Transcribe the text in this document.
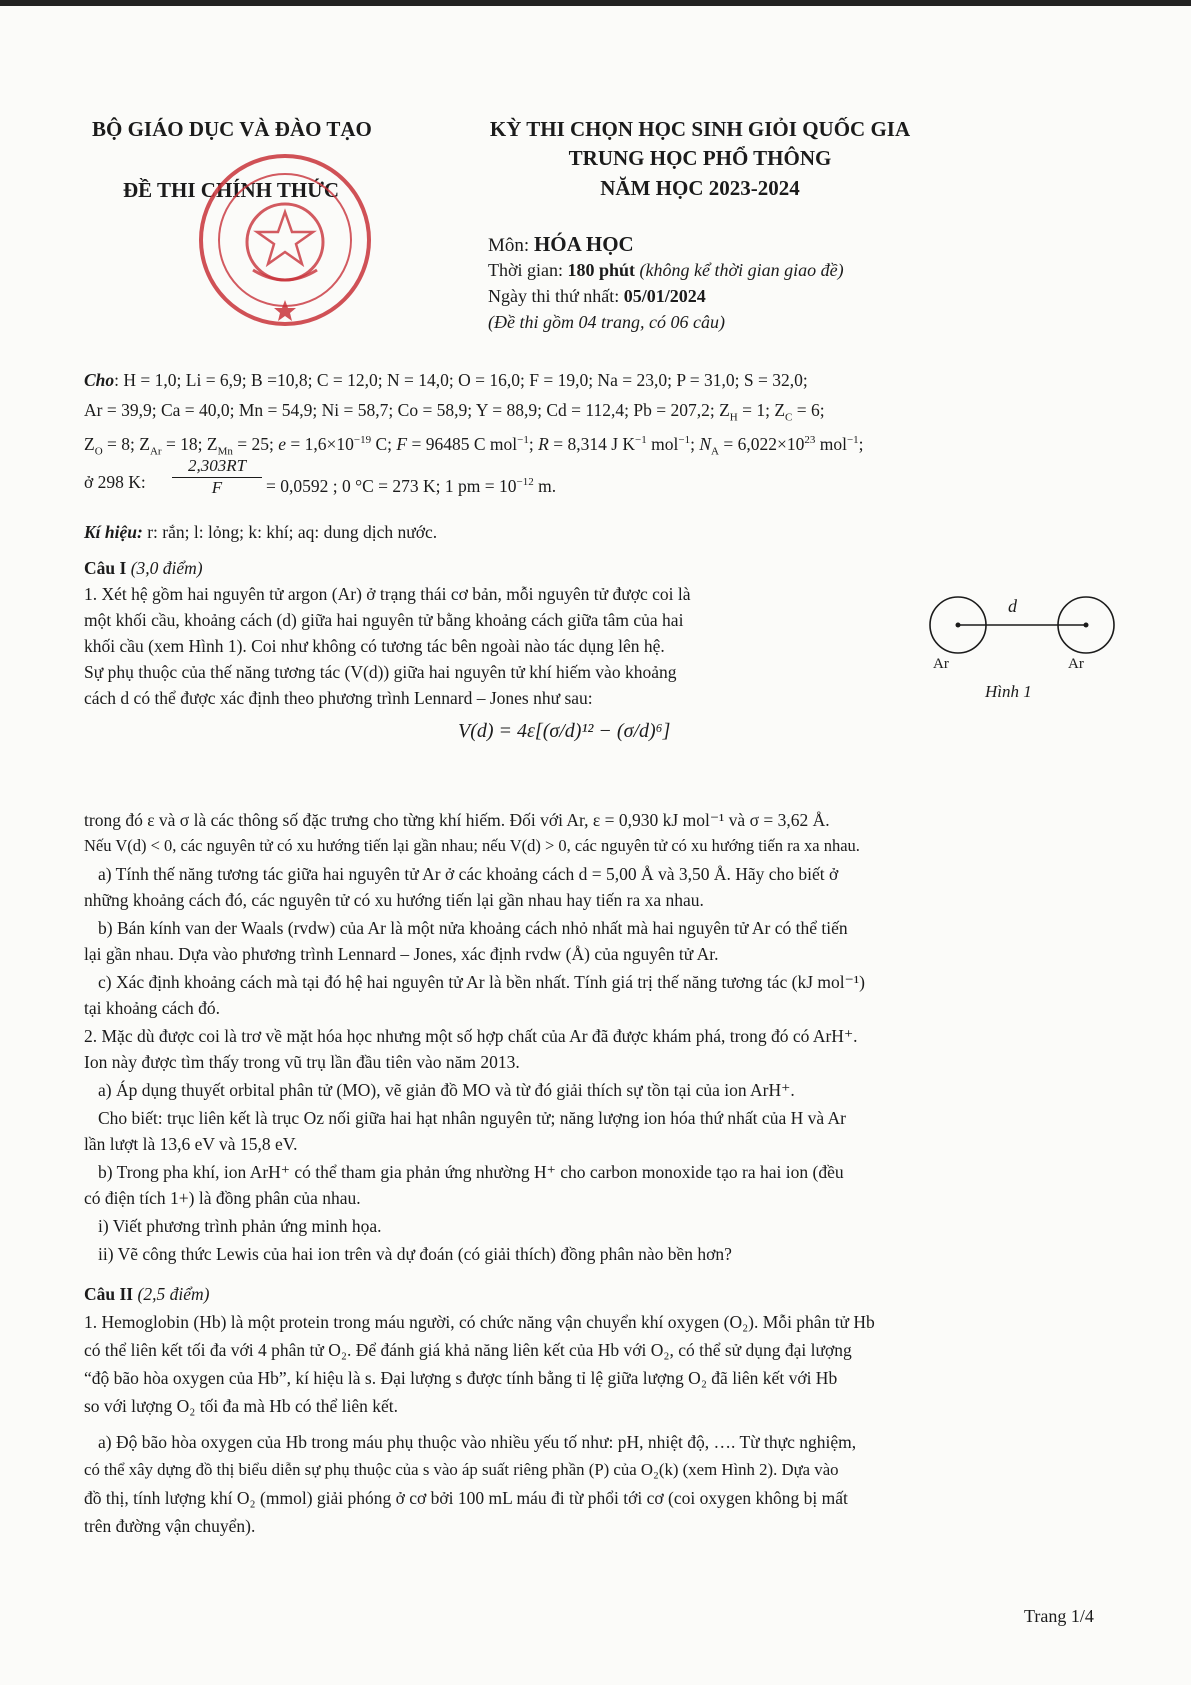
BỘ GIÁO DỤC VÀ ĐÀO TẠO
ĐỀ THI CHÍNH THỨC
KỲ THI CHỌN HỌC SINH GIỎI QUỐC GIA
TRUNG HỌC PHỔ THÔNG
NĂM HỌC 2023-2024
Môn: HÓA HỌC
Thời gian: 180 phút (không kể thời gian giao đề)
Ngày thi thứ nhất: 05/01/2024
(Đề thi gồm 04 trang, có 06 câu)
Cho: H = 1,0; Li = 6,9; B =10,8; C = 12,0; N = 14,0; O = 16,0; F = 19,0; Na = 23,0; P = 31,0; S = 32,0;
Ar = 39,9; Ca = 40,0; Mn = 54,9; Ni = 58,7; Co = 58,9; Y = 88,9; Cd = 112,4; Pb = 207,2; $Z_H = 1$; $Z_C = 6$;
$Z_O = 8$; $Z_{Ar} = 18$; $Z_{Mn} = 25$; $e = 1,6\times 10^{-19}$ C; F = 96485 C mol$^{-1}$; R = 8,314 J $K^{-1}$ mol$^{-1}$; $N_A = 6,022\times 10^{23}$ mol$^{-1}$;
ở 298 K: $\frac{2,303RT}{F} = 0,0592$ ; 0 °C = 273 K; 1 pm = $10^{-12}$ m.
Kí hiệu: r: rắn; l: lỏng; k: khí; aq: dung dịch nước.
Câu I (3,0 điểm)
1. Xét hệ gồm hai nguyên tử argon (Ar) ở trạng thái cơ bản, mỗi nguyên tử được coi là
một khối cầu, khoảng cách (d) giữa hai nguyên tử bằng khoảng cách giữa tâm của hai
khối cầu (xem Hình 1). Coi như không có tương tác bên ngoài nào tác dụng lên hệ.
Sự phụ thuộc của thế năng tương tác (V(d)) giữa hai nguyên tử khí hiếm vào khoảng
cách d có thể được xác định theo phương trình Lennard – Jones như sau:
d
Ar	Ar
Hình 1
V(d) = 4ε[(σ/d)¹² − (σ/d)⁶]
trong đó ε và σ là các thông số đặc trưng cho từng khí hiếm. Đối với Ar, ε = 0,930 kJ mol⁻¹ và σ = 3,62 Å.
Nếu V(d) < 0, các nguyên tử có xu hướng tiến lại gần nhau; nếu V(d) > 0, các nguyên tử có xu hướng tiến ra xa nhau.
a) Tính thế năng tương tác giữa hai nguyên tử Ar ở các khoảng cách d = 5,00 Å và 3,50 Å. Hãy cho biết ở
những khoảng cách đó, các nguyên tử có xu hướng tiến lại gần nhau hay tiến ra xa nhau.
b) Bán kính van der Waals (rvdw) của Ar là một nửa khoảng cách nhỏ nhất mà hai nguyên tử Ar có thể tiến
lại gần nhau. Dựa vào phương trình Lennard – Jones, xác định rvdw (Å) của nguyên tử Ar.
c) Xác định khoảng cách mà tại đó hệ hai nguyên tử Ar là bền nhất. Tính giá trị thế năng tương tác (kJ mol⁻¹)
tại khoảng cách đó.
2. Mặc dù được coi là trơ về mặt hóa học nhưng một số hợp chất của Ar đã được khám phá, trong đó có ArH⁺.
Ion này được tìm thấy trong vũ trụ lần đầu tiên vào năm 2013.
a) Áp dụng thuyết orbital phân tử (MO), vẽ giản đồ MO và từ đó giải thích sự tồn tại của ion ArH⁺.
Cho biết: trục liên kết là trục Oz nối giữa hai hạt nhân nguyên tử; năng lượng ion hóa thứ nhất của H và Ar
lần lượt là 13,6 eV và 15,8 eV.
b) Trong pha khí, ion ArH⁺ có thể tham gia phản ứng nhường H⁺ cho carbon monoxide tạo ra hai ion (đều
có điện tích 1+) là đồng phân của nhau.
i) Viết phương trình phản ứng minh họa.
ii) Vẽ công thức Lewis của hai ion trên và dự đoán (có giải thích) đồng phân nào bền hơn?
Câu II (2,5 điểm)
1. Hemoglobin (Hb) là một protein trong máu người, có chức năng vận chuyển khí oxygen (O₂). Mỗi phân tử Hb
có thể liên kết tối đa với 4 phân tử O₂. Để đánh giá khả năng liên kết của Hb với O₂, có thể sử dụng đại lượng
“độ bão hòa oxygen của Hb”, kí hiệu là s. Đại lượng s được tính bằng tỉ lệ giữa lượng O₂ đã liên kết với Hb
so với lượng O₂ tối đa mà Hb có thể liên kết.
a) Độ bão hòa oxygen của Hb trong máu phụ thuộc vào nhiều yếu tố như: pH, nhiệt độ, …. Từ thực nghiệm,
có thể xây dựng đồ thị biểu diễn sự phụ thuộc của s vào áp suất riêng phần (P) của O₂(k) (xem Hình 2). Dựa vào
đồ thị, tính lượng khí O₂ (mmol) giải phóng ở cơ bởi 100 mL máu đi từ phổi tới cơ (coi oxygen không bị mất
trên đường vận chuyển).
Trang 1/4
